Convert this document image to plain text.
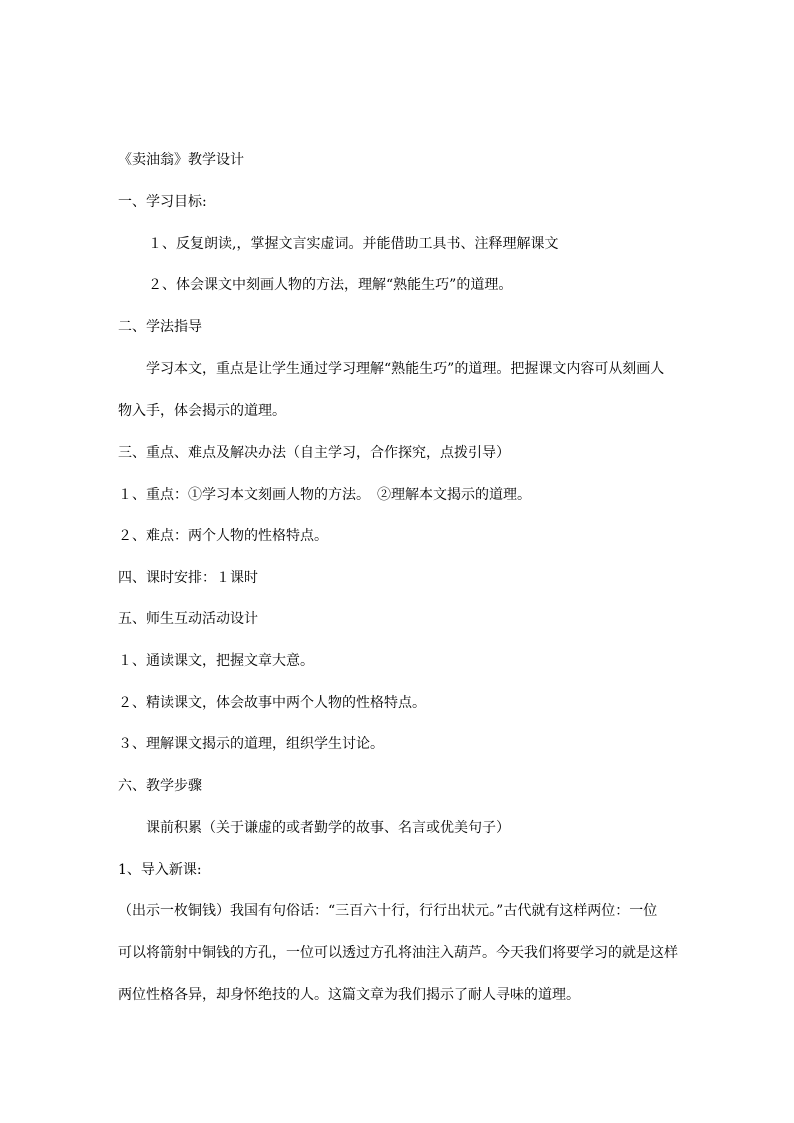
《卖油翁》教学设计
一、学习目标:
１、反复朗读,，掌握文言实虚词。并能借助工具书、注释理解课文
２、体会课文中刻画人物的方法，理解“熟能生巧”的道理。
二、学法指导
学习本文，重点是让学生通过学习理解“熟能生巧”的道理。把握课文内容可从刻画人
物入手，体会揭示的道理。
三、重点、难点及解决办法（自主学习，合作探究，点拨引导）
１、重点：①学习本文刻画人物的方法。　②理解本文揭示的道理。
２、难点：两个人物的性格特点。
四、课时安排：１课时
五、师生互动活动设计
１、通读课文，把握文章大意。
２、精读课文，体会故事中两个人物的性格特点。
３、理解课文揭示的道理，组织学生讨论。
六、教学步骤
课前积累（关于谦虚的或者勤学的故事、名言或优美句子）
1、导入新课:
（出示一枚铜钱）我国有句俗话：“三百六十行，行行出状元。”古代就有这样两位：一位
可以将箭射中铜钱的方孔，一位可以透过方孔将油注入葫芦。今天我们将要学习的就是这样
两位性格各异，却身怀绝技的人。这篇文章为我们揭示了耐人寻味的道理。
